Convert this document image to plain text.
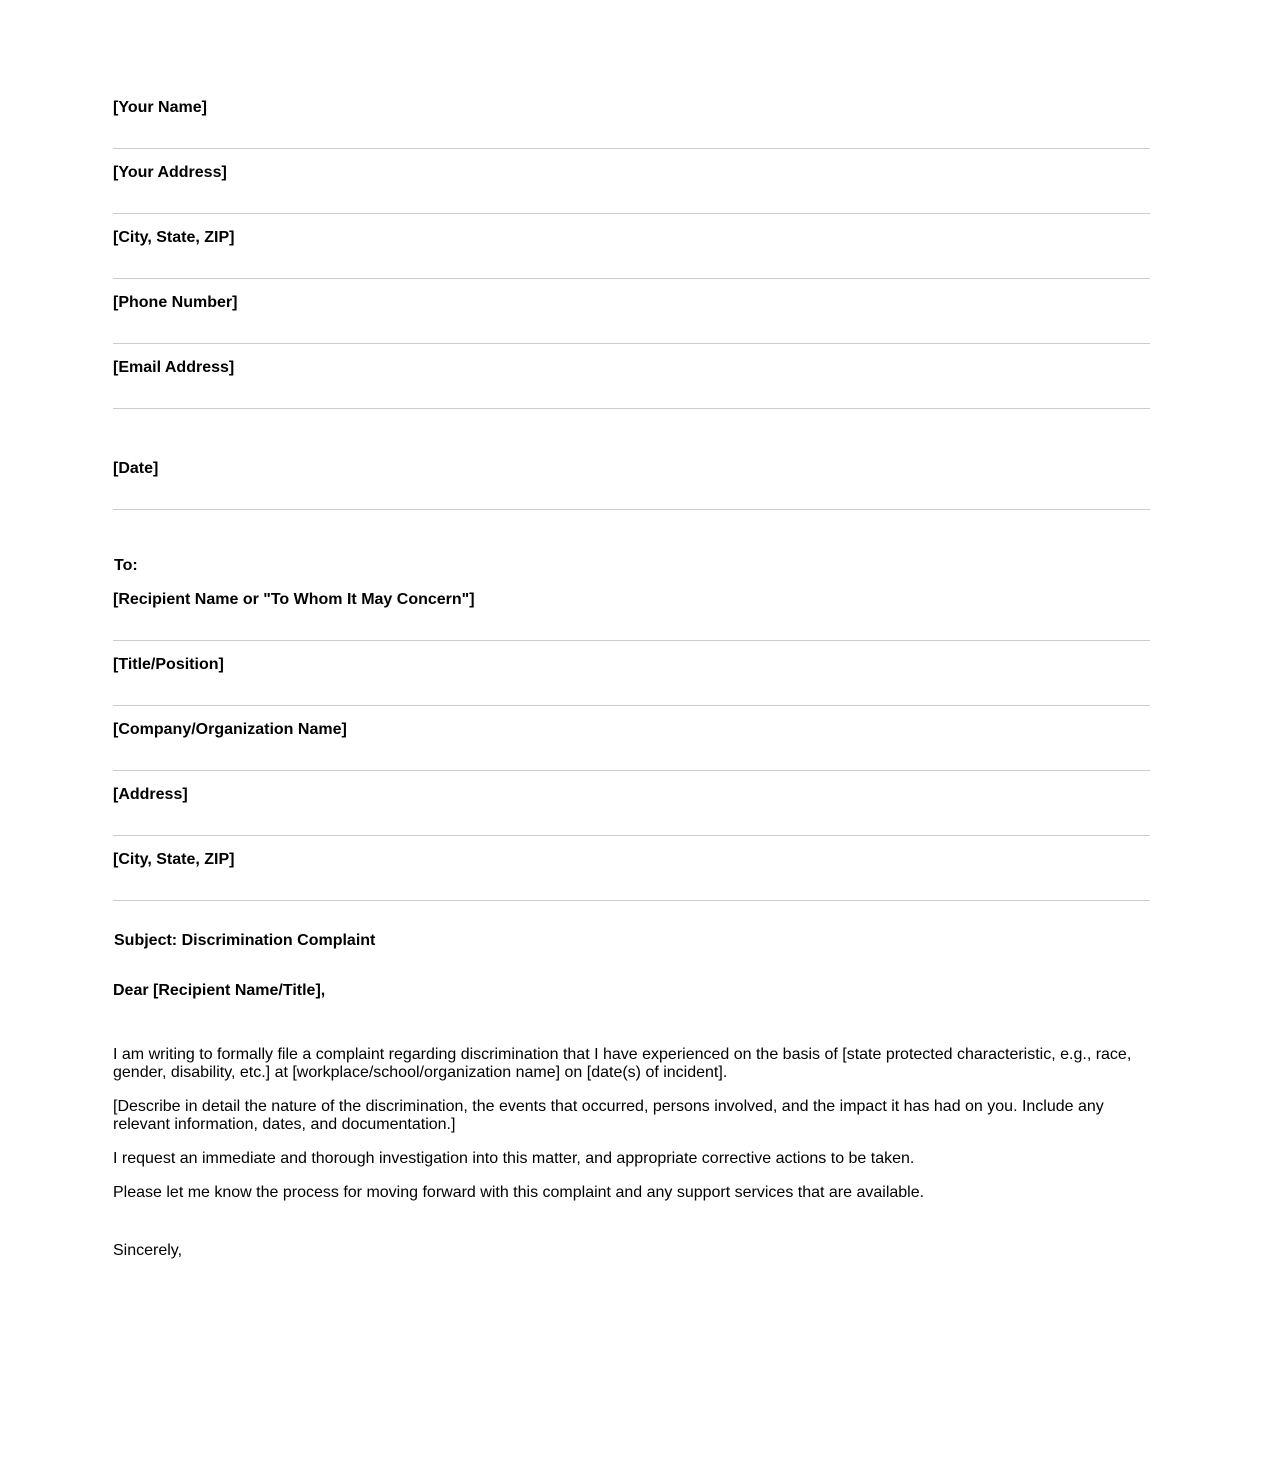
[Your Name]
[Your Address]
[City, State, ZIP]
[Phone Number]
[Email Address]
[Date]
To:
[Recipient Name or "To Whom It May Concern"]
[Title/Position]
[Company/Organization Name]
[Address]
[City, State, ZIP]
Subject: Discrimination Complaint
Dear [Recipient Name/Title],
I am writing to formally file a complaint regarding discrimination that I have experienced on the basis of [state protected characteristic, e.g., race, gender, disability, etc.] at [workplace/school/organization name] on [date(s) of incident].
[Describe in detail the nature of the discrimination, the events that occurred, persons involved, and the impact it has had on you. Include any relevant information, dates, and documentation.]
I request an immediate and thorough investigation into this matter, and appropriate corrective actions to be taken.
Please let me know the process for moving forward with this complaint and any support services that are available.
Sincerely,
